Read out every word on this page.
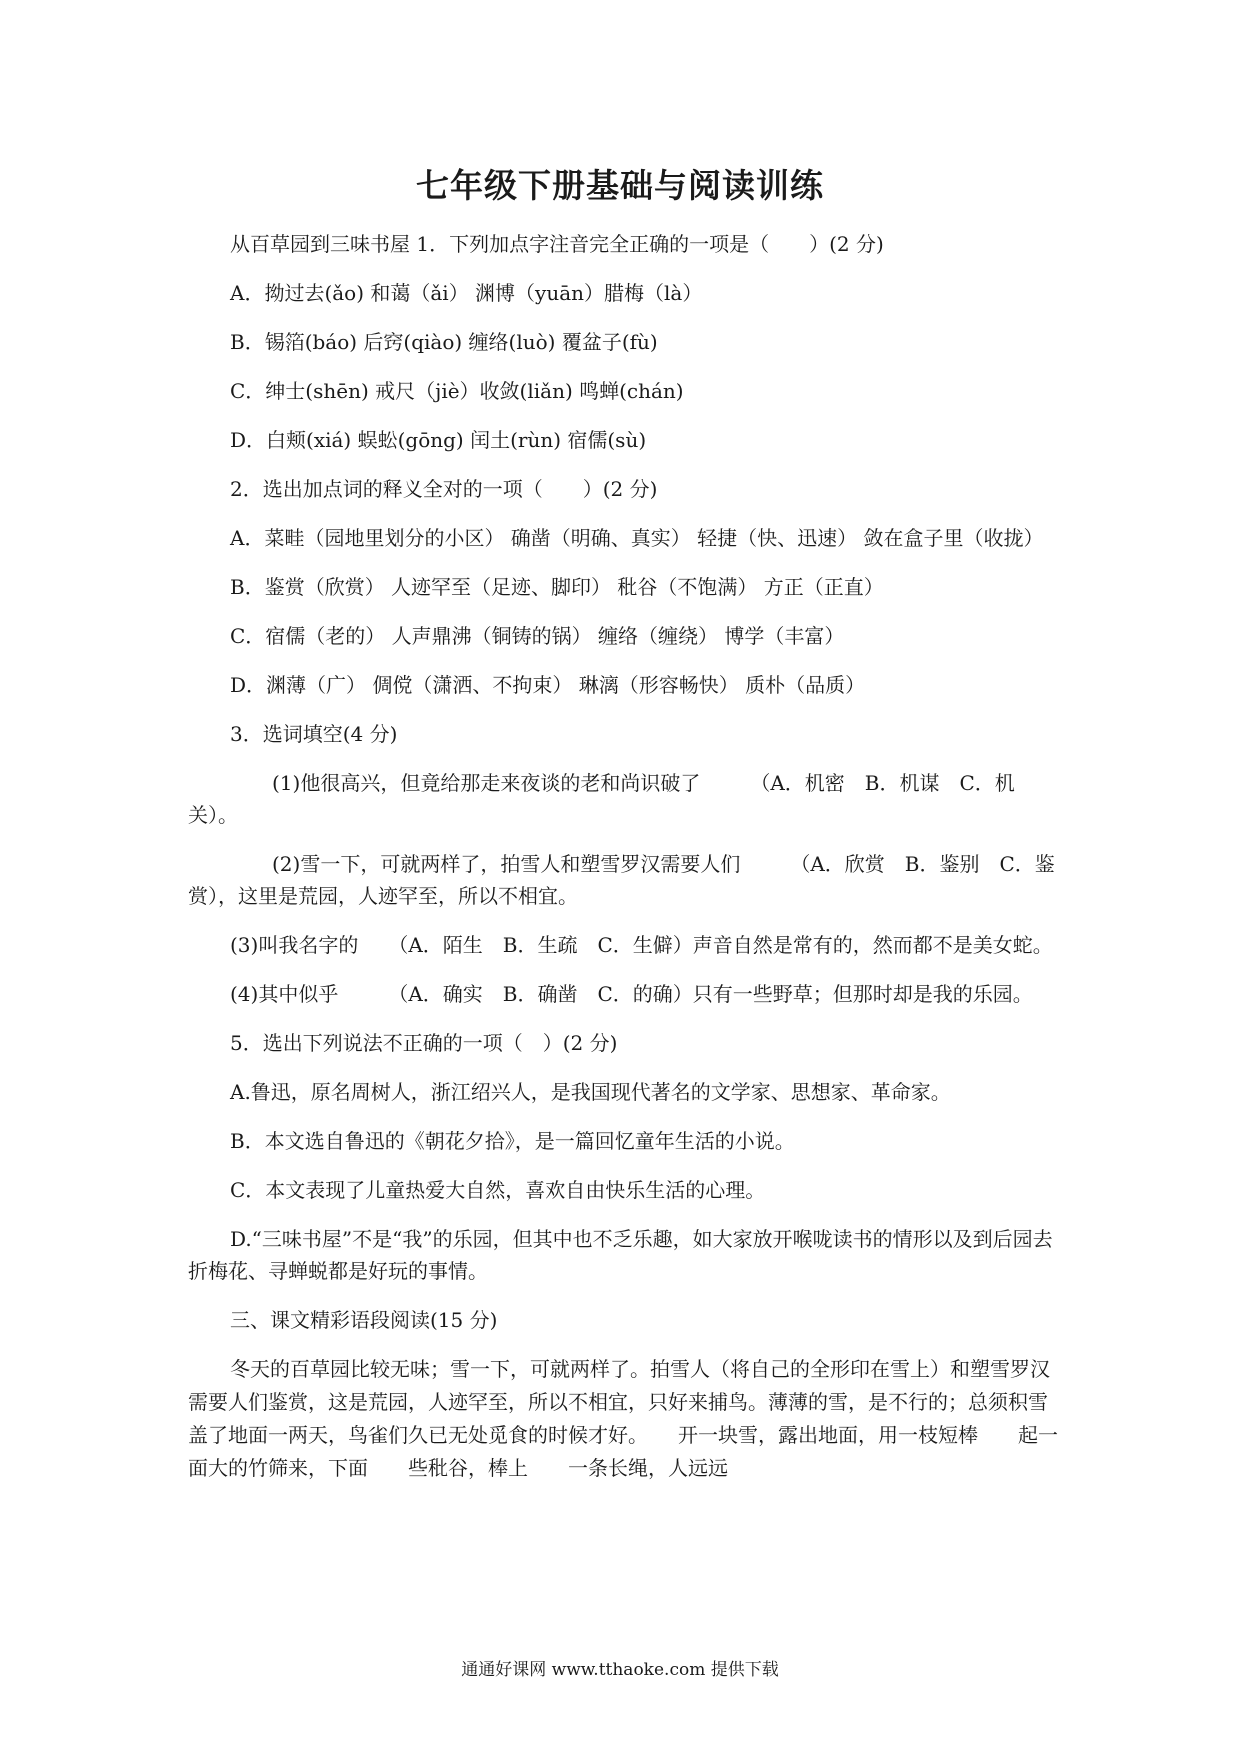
七年级下册基础与阅读训练

从百草园到三味书屋 1．下列加点字注音完全正确的一项是（　　）(2 分)

A．拗过去(ǎo) 和蔼（ǎi） 渊博（yuān）腊梅（là）

B．锡箔(báo) 后窍(qiào) 缠络(luò) 覆盆子(fù)

C．绅士(shēn) 戒尺（jiè）收敛(liǎn) 鸣蝉(chán)

D．白颊(xiá) 蜈蚣(gōng) 闰土(rùn) 宿儒(sù)

2．选出加点词的释义全对的一项（　　）(2 分)

A．菜畦（园地里划分的小区） 确凿（明确、真实） 轻捷（快、迅速） 敛在盒子里（收拢）

B．鉴赏（欣赏） 人迹罕至（足迹、脚印） 秕谷（不饱满） 方正（正直）

C．宿儒（老的） 人声鼎沸（铜铸的锅） 缠络（缠绕） 博学（丰富）

D．渊薄（广） 倜傥（潇洒、不拘束） 琳漓（形容畅快） 质朴（品质）

3．选词填空(4 分)

(1)他很高兴，但竟给那走来夜谈的老和尚识破了　　　（A．机密　B．机谋　C．机关）。

(2)雪一下，可就两样了，拍雪人和塑雪罗汉需要人们　　　（A．欣赏　B．鉴别　C．鉴赏），这里是荒园，人迹罕至，所以不相宜。

(3)叫我名字的　　（A．陌生　B．生疏　C．生僻）声音自然是常有的，然而都不是美女蛇。

(4)其中似乎　　　（A．确实　B．确凿　C．的确）只有一些野草；但那时却是我的乐园。

5．选出下列说法不正确的一项（　）(2 分)

A.鲁迅，原名周树人，浙江绍兴人，是我国现代著名的文学家、思想家、革命家。

B．本文选自鲁迅的《朝花夕拾》，是一篇回忆童年生活的小说。

C．本文表现了儿童热爱大自然，喜欢自由快乐生活的心理。

D.“三味书屋”不是“我”的乐园，但其中也不乏乐趣，如大家放开喉咙读书的情形以及到后园去折梅花、寻蝉蜕都是好玩的事情。

三、课文精彩语段阅读(15 分)

冬天的百草园比较无味；雪一下，可就两样了。拍雪人（将自己的全形印在雪上）和塑雪罗汉需要人们鉴赏，这是荒园，人迹罕至，所以不相宜，只好来捕鸟。薄薄的雪，是不行的；总须积雪盖了地面一两天，鸟雀们久已无处觅食的时候才好。　　开一块雪，露出地面，用一枝短棒　　起一面大的竹筛来，下面　　些秕谷，棒上　　一条长绳，人远远

通通好课网 www.tthaoke.com 提供下载
